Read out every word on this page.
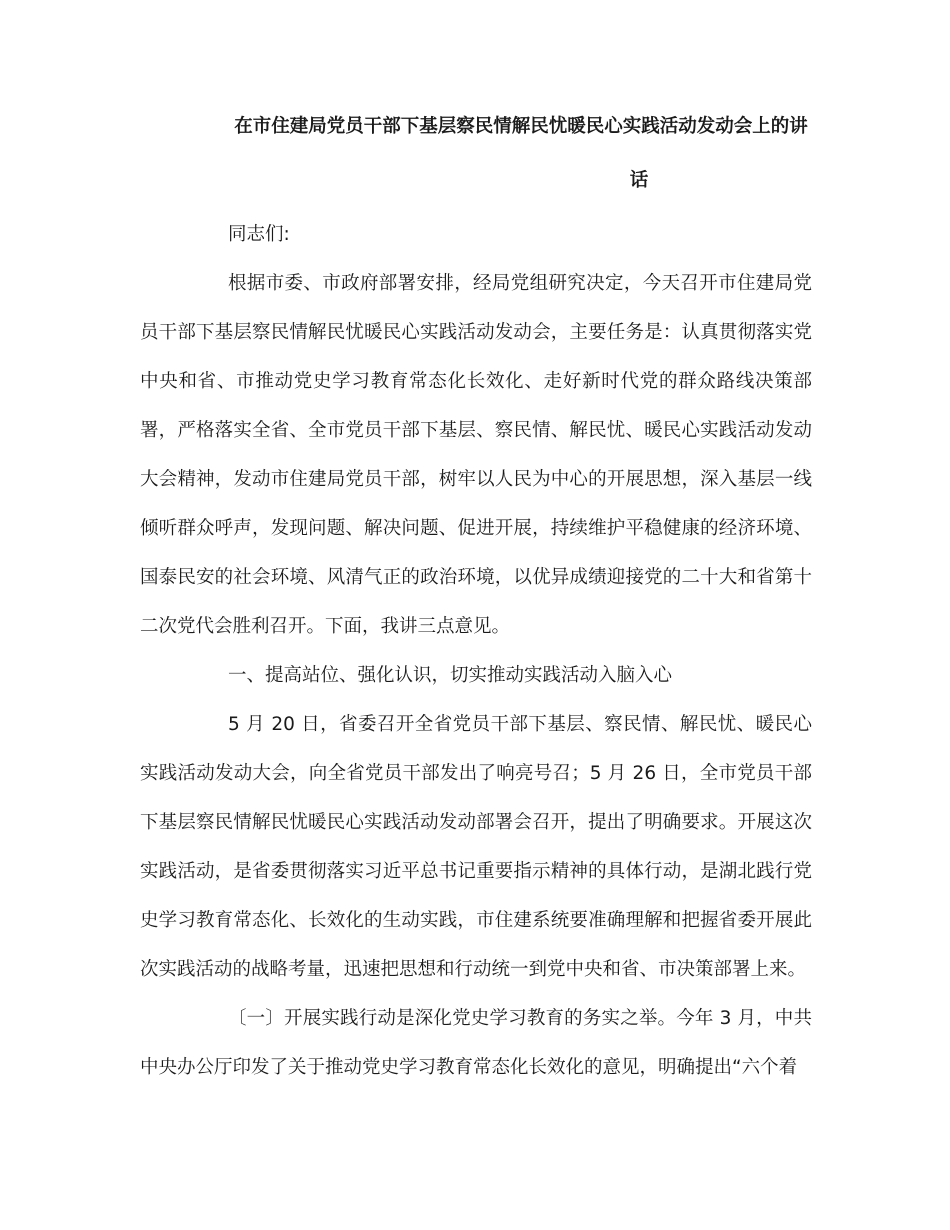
在市住建局党员干部下基层察民情解民忧暖民心实践活动发动会上的讲
话

同志们:

根据市委、市政府部署安排，经局党组研究决定，今天召开市住建局党员干部下基层察民情解民忧暖民心实践活动发动会，主要任务是：认真贯彻落实党中央和省、市推动党史学习教育常态化长效化、走好新时代党的群众路线决策部署，严格落实全省、全市党员干部下基层、察民情、解民忧、暖民心实践活动发动大会精神，发动市住建局党员干部，树牢以人民为中心的开展思想，深入基层一线倾听群众呼声，发现问题、解决问题、促进开展，持续维护平稳健康的经济环境、国泰民安的社会环境、风清气正的政治环境，以优异成绩迎接党的二十大和省第十二次党代会胜利召开。下面，我讲三点意见。

一、提高站位、强化认识，切实推动实践活动入脑入心

5 月 20 日，省委召开全省党员干部下基层、察民情、解民忧、暖民心实践活动发动大会，向全省党员干部发出了响亮号召；5 月 26 日，全市党员干部下基层察民情解民忧暖民心实践活动发动部署会召开，提出了明确要求。开展这次实践活动，是省委贯彻落实习近平总书记重要指示精神的具体行动，是湖北践行党史学习教育常态化、长效化的生动实践，市住建系统要准确理解和把握省委开展此次实践活动的战略考量，迅速把思想和行动统一到党中央和省、市决策部署上来。

〔一〕开展实践行动是深化党史学习教育的务实之举。今年 3 月，中共中央办公厅印发了关于推动党史学习教育常态化长效化的意见，明确提出“六个着
